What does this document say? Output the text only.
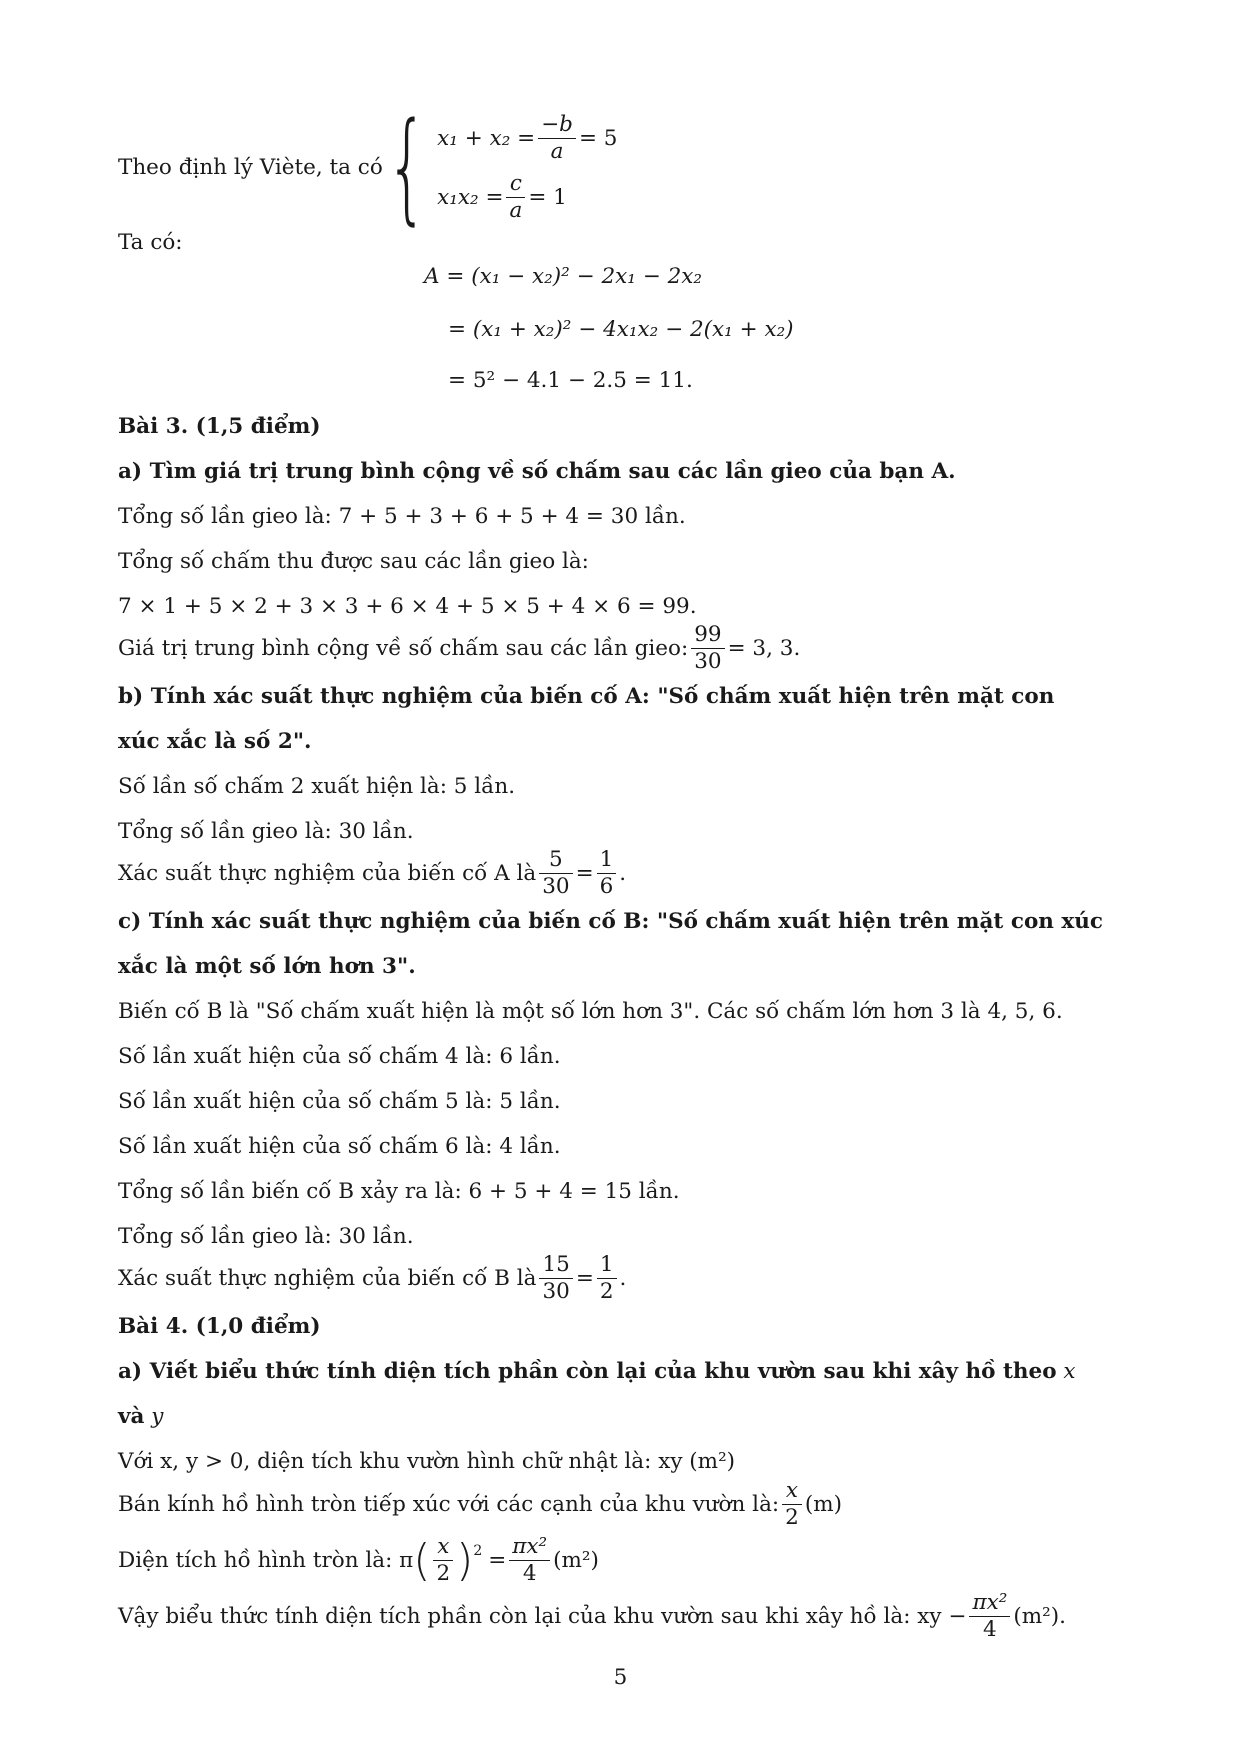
Theo định lý Viète, ta có { $x_1 + x_2 = \frac{-b}{a} = 5$
$x_1x_2 = \frac{c}{a} = 1$
Ta có:
A = (x₁ − x₂)² − 2x₁ − 2x₂
= (x₁ + x₂)² − 4x₁x₂ − 2(x₁ + x₂)
= 5² − 4.1 − 2.5 = 11.
Bài 3. (1,5 điểm)
a) Tìm giá trị trung bình cộng về số chấm sau các lần gieo của bạn A.
Tổng số lần gieo là: 7 + 5 + 3 + 6 + 5 + 4 = 30 lần.
Tổng số chấm thu được sau các lần gieo là:
7 × 1 + 5 × 2 + 3 × 3 + 6 × 4 + 5 × 5 + 4 × 6 = 99.
Giá trị trung bình cộng về số chấm sau các lần gieo: $\frac{99}{30} = 3$, 3.
b) Tính xác suất thực nghiệm của biến cố A: "Số chấm xuất hiện trên mặt con
xúc xắc là số 2".
Số lần số chấm 2 xuất hiện là: 5 lần.
Tổng số lần gieo là: 30 lần.
Xác suất thực nghiệm của biến cố A là $\frac{5}{30} = \frac{1}{6}$ .
c) Tính xác suất thực nghiệm của biến cố B: "Số chấm xuất hiện trên mặt con xúc
xắc là một số lớn hơn 3".
Biến cố B là "Số chấm xuất hiện là một số lớn hơn 3". Các số chấm lớn hơn 3 là 4, 5, 6.
Số lần xuất hiện của số chấm 4 là: 6 lần.
Số lần xuất hiện của số chấm 5 là: 5 lần.
Số lần xuất hiện của số chấm 6 là: 4 lần.
Tổng số lần biến cố B xảy ra là: 6 + 5 + 4 = 15 lần.
Tổng số lần gieo là: 30 lần.
Xác suất thực nghiệm của biến cố B là $\frac{15}{30} = \frac{1}{2}$ .
Bài 4. (1,0 điểm)
a) Viết biểu thức tính diện tích phần còn lại của khu vườn sau khi xây hồ theo x
và y
Với x, y > 0, diện tích khu vườn hình chữ nhật là: xy (m²)
Bán kính hồ hình tròn tiếp xúc với các cạnh của khu vườn là: $\frac{x}{2} (m)$
Diện tích hồ hình tròn là: π ( $\frac{x}{2} )^2 = \frac{\text{πx²}}{4} (m^2)$
Vậy biểu thức tính diện tích phần còn lại của khu vườn sau khi xây hồ là: xy − $\frac{\text{πx²}}{4} (m^2)$.
5
